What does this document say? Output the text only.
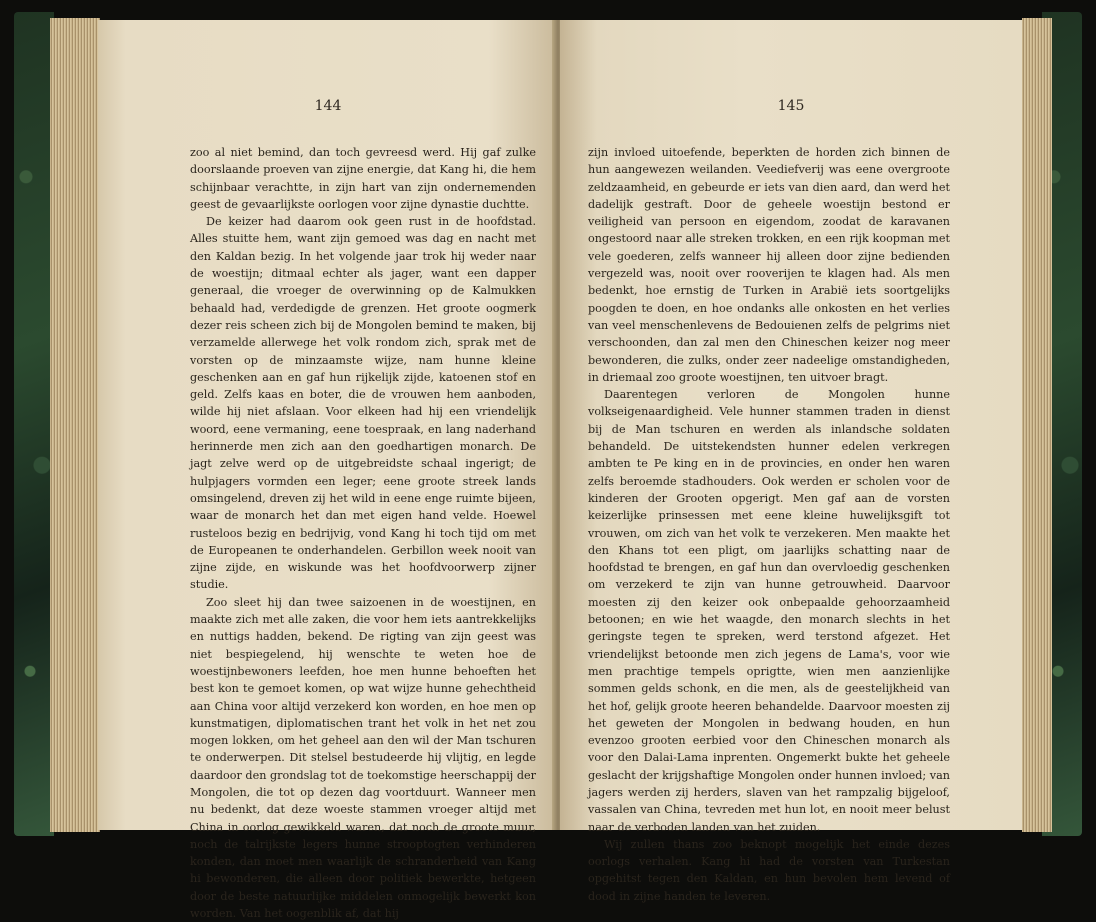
144

zoo al niet bemind, dan toch gevreesd werd. Hij gaf zulke doorslaande proeven van zijne energie, dat Kang hi, die hem schijnbaar verachtte, in zijn hart van zijn ondernemenden geest de gevaarlijkste oorlogen voor zijne dynastie duchtte.

De keizer had daarom ook geen rust in de hoofdstad. Alles stuitte hem, want zijn gemoed was dag en nacht met den Kaldan bezig. In het volgende jaar trok hij weder naar de woestijn; ditmaal echter als jager, want een dapper generaal, die vroeger de overwinning op de Kalmukken behaald had, verdedigde de grenzen. Het groote oogmerk dezer reis scheen zich bij de Mongolen bemind te maken, bij verzamelde allerwege het volk rondom zich, sprak met de vorsten op de minzaamste wijze, nam hunne kleine geschenken aan en gaf hun rijkelijk zijde, katoenen stof en geld. Zelfs kaas en boter, die de vrouwen hem aanboden, wilde hij niet afslaan. Voor elkeen had hij een vriendelijk woord, eene vermaning, eene toespraak, en lang naderhand herinnerde men zich aan den goedhartigen monarch. De jagt zelve werd op de uitgebreidste schaal ingerigt; de hulpjagers vormden een leger; eene groote streek lands omsingelend, dreven zij het wild in eene enge ruimte bijeen, waar de monarch het dan met eigen hand velde. Hoewel rusteloos bezig en bedrijvig, vond Kang hi toch tijd om met de Europeanen te onderhandelen. Gerbillon week nooit van zijne zijde, en wiskunde was het hoofdvoorwerp zijner studie.

Zoo sleet hij dan twee saizoenen in de woestijnen, en maakte zich met alle zaken, die voor hem iets aantrekkelijks en nuttigs hadden, bekend. De rigting van zijn geest was niet bespiegelend, hij wenschte te weten hoe de woestijnbewoners leefden, hoe men hunne behoeften het best kon te gemoet komen, op wat wijze hunne gehechtheid aan China voor altijd verzekerd kon worden, en hoe men op kunstmatigen, diplomatischen trant het volk in het net zou mogen lokken, om het geheel aan den wil der Man tschuren te onderwerpen. Dit stelsel bestudeerde hij vlijtig, en legde daardoor den grondslag tot de toekomstige heerschappij der Mongolen, die tot op dezen dag voortduurt. Wanneer men nu bedenkt, dat deze woeste stammen vroeger altijd met China in oorlog gewikkeld waren, dat noch de groote muur, noch de talrijkste legers hunne strooptogten verhinderen konden, dan moet men waarlijk de schranderheid van Kang hi bewonderen, die alleen door politiek bewerkte, hetgeen door de beste natuurlijke middelen onmogelijk bewerkt kon worden. Van het oogenblik af, dat hij

145

zijn invloed uitoefende, beperkten de horden zich binnen de hun aangewezen weilanden. Veediefverij was eene overgroote zeldzaamheid, en gebeurde er iets van dien aard, dan werd het dadelijk gestraft. Door de geheele woestijn bestond er veiligheid van persoon en eigendom, zoodat de karavanen ongestoord naar alle streken trokken, en een rijk koopman met vele goederen, zelfs wanneer hij alleen door zijne bedienden vergezeld was, nooit over rooverijen te klagen had. Als men bedenkt, hoe ernstig de Turken in Arabië iets soortgelijks poogden te doen, en hoe ondanks alle onkosten en het verlies van veel menschenlevens de Bedouienen zelfs de pelgrims niet verschoonden, dan zal men den Chineschen keizer nog meer bewonderen, die zulks, onder zeer nadeelige omstandigheden, in driemaal zoo groote woestijnen, ten uitvoer bragt.

Daarentegen verloren de Mongolen hunne volkseigenaardigheid. Vele hunner stammen traden in dienst bij de Man tschuren en werden als inlandsche soldaten behandeld. De uitstekendsten hunner edelen verkregen ambten te Pe king en in de provincies, en onder hen waren zelfs beroemde stadhouders. Ook werden er scholen voor de kinderen der Grooten opgerigt. Men gaf aan de vorsten keizerlijke prinsessen met eene kleine huwelijksgift tot vrouwen, om zich van het volk te verzekeren. Men maakte het den Khans tot een pligt, om jaarlijks schatting naar de hoofdstad te brengen, en gaf hun dan overvloedig geschenken om verzekerd te zijn van hunne getrouwheid. Daarvoor moesten zij den keizer ook onbepaalde gehoorzaamheid betoonen; en wie het waagde, den monarch slechts in het geringste tegen te spreken, werd terstond afgezet. Het vriendelijkst betoonde men zich jegens de Lama's, voor wie men prachtige tempels oprigtte, wien men aanzienlijke sommen gelds schonk, en die men, als de geestelijkheid van het hof, gelijk groote heeren behandelde. Daarvoor moesten zij het geweten der Mongolen in bedwang houden, en hun evenzoo grooten eerbied voor den Chineschen monarch als voor den Dalai-Lama inprenten. Ongemerkt bukte het geheele geslacht der krijgshaftige Mongolen onder hunnen invloed; van jagers werden zij herders, slaven van het rampzalig bijgeloof, vassalen van China, tevreden met hun lot, en nooit meer belust naar de verboden landen van het zuiden.

Wij zullen thans zoo beknopt mogelijk het einde dezes oorlogs verhalen. Kang hi had de vorsten van Turkestan opgehitst tegen den Kaldan, en hun bevolen hem levend of dood in zijne handen te leveren.
